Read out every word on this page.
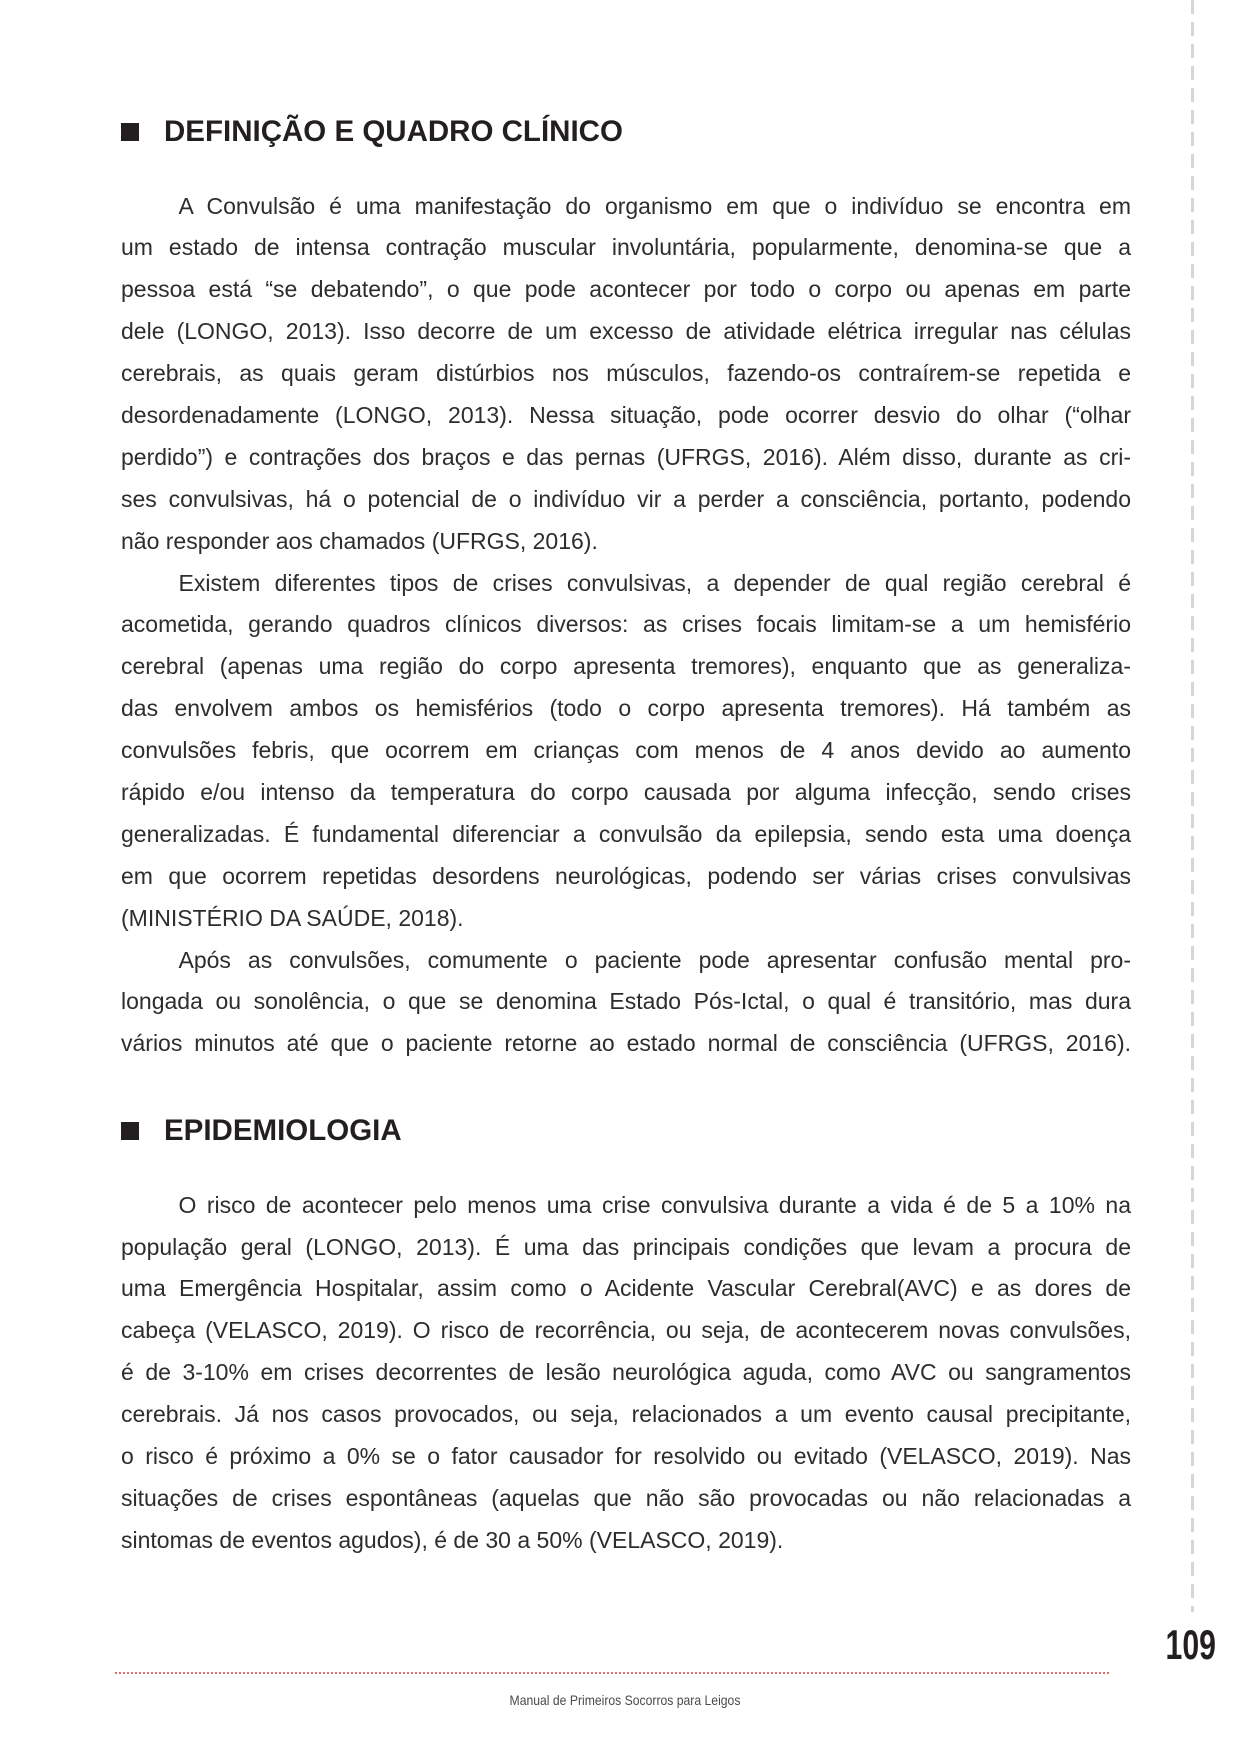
DEFINIÇÃO E QUADRO CLÍNICO
A Convulsão é uma manifestação do organismo em que o indivíduo se encontra em
um estado de intensa contração muscular involuntária, popularmente, denomina-se que a
pessoa está “se debatendo”, o que pode acontecer por todo o corpo ou apenas em parte
dele (LONGO, 2013). Isso decorre de um excesso de atividade elétrica irregular nas células
cerebrais, as quais geram distúrbios nos músculos, fazendo-os contraírem-se repetida e
desordenadamente (LONGO, 2013). Nessa situação, pode ocorrer desvio do olhar (“olhar
perdido”) e contrações dos braços e das pernas (UFRGS, 2016). Além disso, durante as cri-
ses convulsivas, há o potencial de o indivíduo vir a perder a consciência, portanto, podendo
não responder aos chamados (UFRGS, 2016).
Existem diferentes tipos de crises convulsivas, a depender de qual região cerebral é
acometida, gerando quadros clínicos diversos: as crises focais limitam-se a um hemisfério
cerebral (apenas uma região do corpo apresenta tremores), enquanto que as generaliza-
das envolvem ambos os hemisférios (todo o corpo apresenta tremores). Há também as
convulsões febris, que ocorrem em crianças com menos de 4 anos devido ao aumento
rápido e/ou intenso da temperatura do corpo causada por alguma infecção, sendo crises
generalizadas. É fundamental diferenciar a convulsão da epilepsia, sendo esta uma doença
em que ocorrem repetidas desordens neurológicas, podendo ser várias crises convulsivas
(MINISTÉRIO DA SAÚDE, 2018).
Após as convulsões, comumente o paciente pode apresentar confusão mental pro-
longada ou sonolência, o que se denomina Estado Pós-Ictal, o qual é transitório, mas dura
vários minutos até que o paciente retorne ao estado normal de consciência (UFRGS, 2016).
EPIDEMIOLOGIA
O risco de acontecer pelo menos uma crise convulsiva durante a vida é de 5 a 10% na
população geral (LONGO, 2013). É uma das principais condições que levam a procura de
uma Emergência Hospitalar, assim como o Acidente Vascular Cerebral(AVC) e as dores de
cabeça (VELASCO, 2019). O risco de recorrência, ou seja, de acontecerem novas convulsões,
é de 3-10% em crises decorrentes de lesão neurológica aguda, como AVC ou sangramentos
cerebrais. Já nos casos provocados, ou seja, relacionados a um evento causal precipitante,
o risco é próximo a 0% se o fator causador for resolvido ou evitado (VELASCO, 2019). Nas
situações de crises espontâneas (aquelas que não são provocadas ou não relacionadas a
sintomas de eventos agudos), é de 30 a 50% (VELASCO, 2019).
109
Manual de Primeiros Socorros para Leigos
